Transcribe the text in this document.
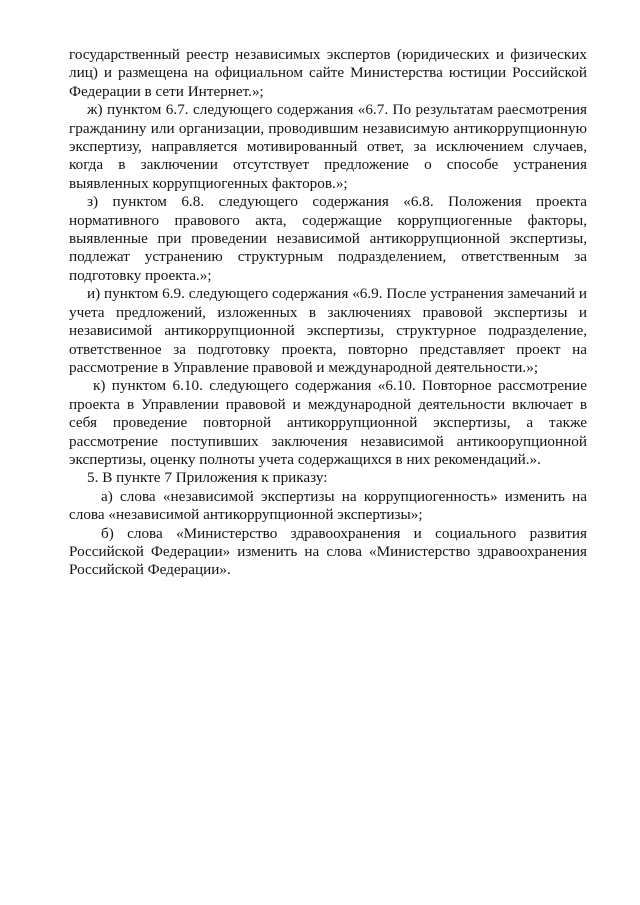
государственный реестр независимых экспертов (юридических и физических лиц) и размещена на официальном сайте Министерства юстиции Российской Федерации в сети Интернет.»;

ж) пунктом 6.7. следующего содержания «6.7. По результатам раесмотрения гражданину или организации, проводившим независимую антикоррупционную экспертизу, направляется мотивированный ответ, за исключением случаев, когда в заключении отсутствует предложение о способе устранения выявленных коррупциогенных факторов.»;

з) пунктом 6.8. следующего содержания «6.8. Положения проекта нормативного правового акта, содержащие коррупциогенные факторы, выявленные при проведении независимой антикоррупционной экспертизы, подлежат устранению структурным подразделением, ответственным за подготовку проекта.»;

и) пунктом 6.9. следующего содержания «6.9. После устранения замечаний и учета предложений, изложенных в заключениях правовой экспертизы и независимой антикоррупционной экспертизы, структурное подразделение, ответственное за подготовку проекта, повторно представляет проект на рассмотрение в Управление правовой и международной деятельности.»;

к) пунктом 6.10. следующего содержания «6.10. Повторное рассмотрение проекта в Управлении правовой и международной деятельности включает в себя проведение повторной антикоррупционной экспертизы, а также рассмотрение поступивших заключения независимой антикоорупционной экспертизы, оценку полноты учета содержащихся в них рекомендаций.».

5. В пункте 7 Приложения к приказу:

а) слова «независимой экспертизы на коррупциогенность» изменить на слова «независимой антикоррупционной экспертизы»;

б) слова «Министерство здравоохранения и социального развития Российской Федерации» изменить на слова «Министерство здравоохранения Российской Федерации».
